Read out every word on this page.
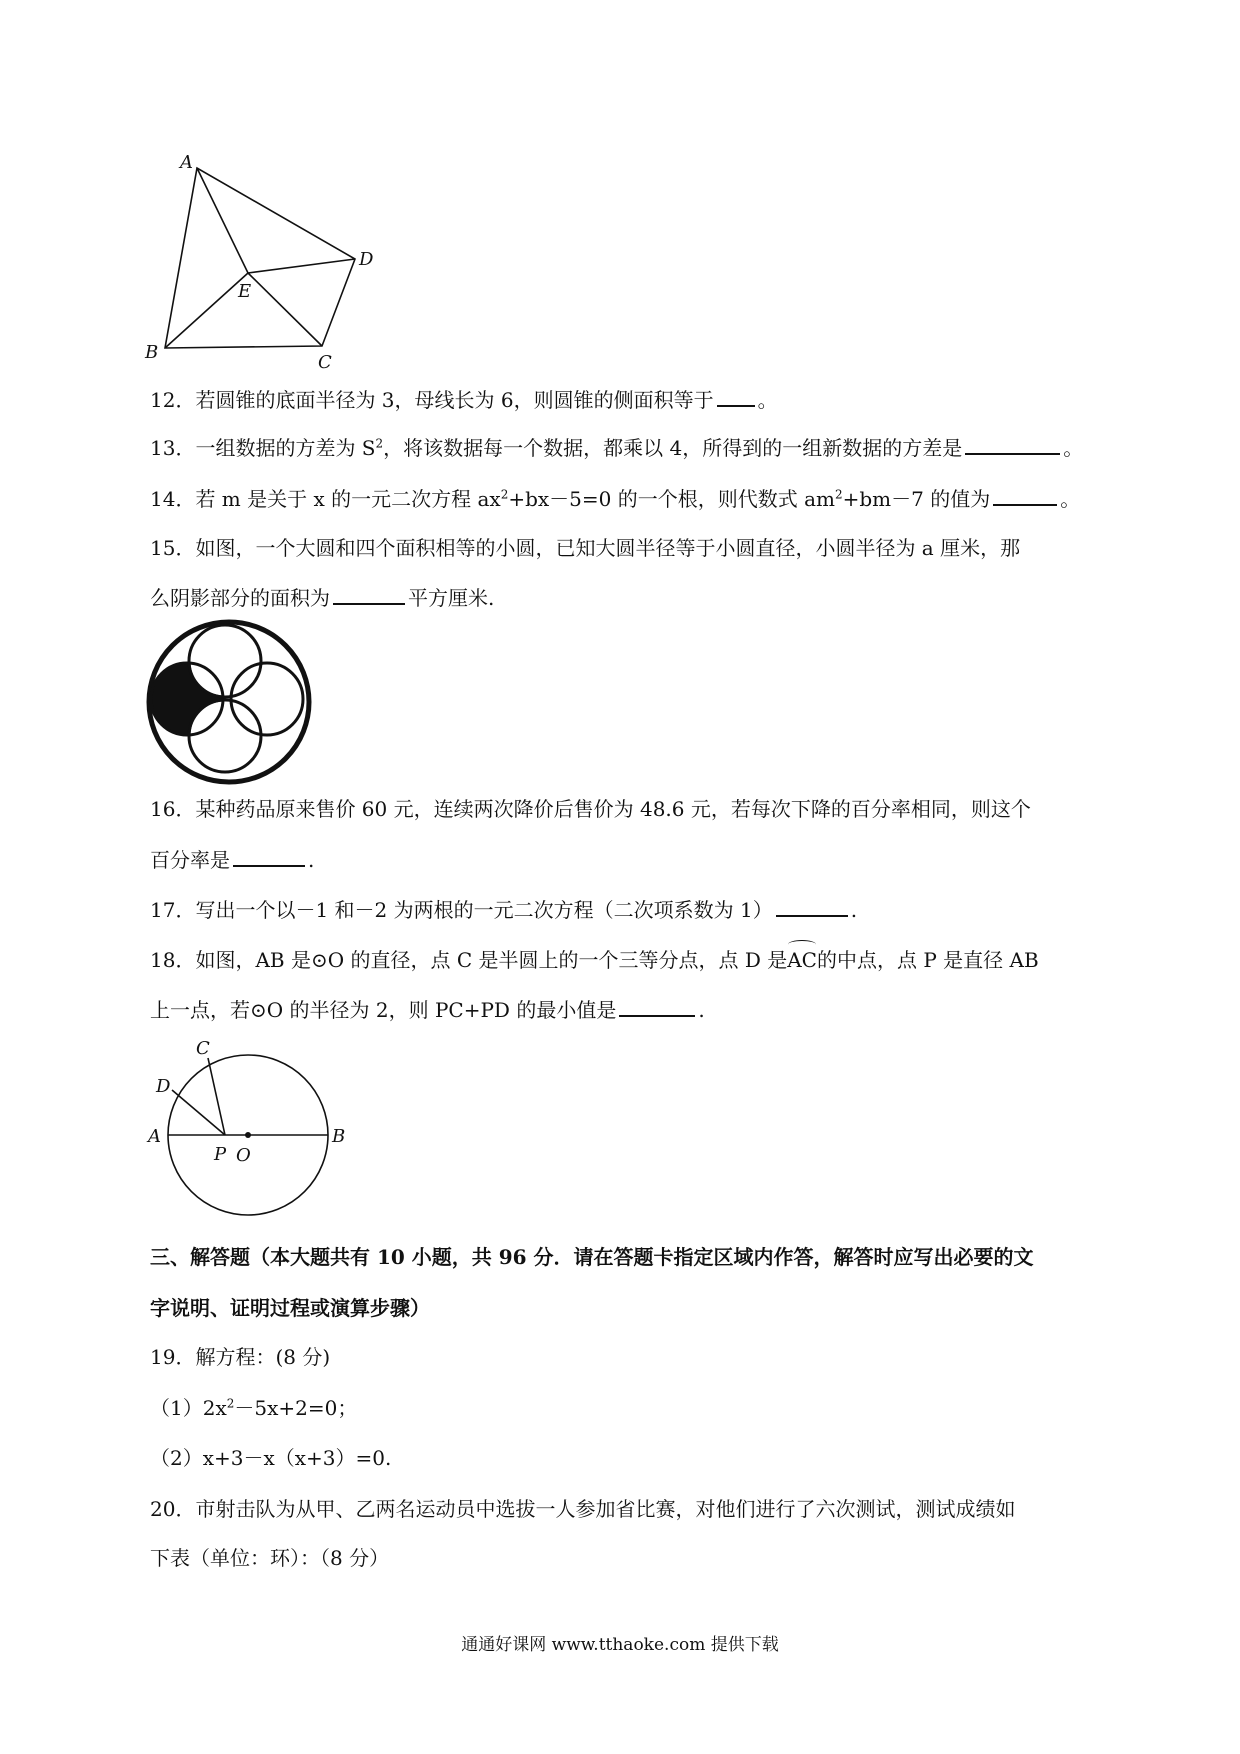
A
B	C
D
E
12．若圆锥的底面半径为 3，母线长为 6，则圆锥的侧面积等于 。
13．一组数据的方差为 $S^2$，将该数据每一个数据，都乘以 4，所得到的一组新数据的方差是	。
14．若 m 是关于 x 的一元二次方程 $ax^2+bx-5=0$ 的一个根，则代数式 $am^2+bm-7$ 的值为	。
15．如图，一个大圆和四个面积相等的小圆，已知大圆半径等于小圆直径，小圆半径为 a 厘米，那
么阴影部分的面积为	平方厘米.
16．某种药品原来售价 60 元，连续两次降价后售价为 48.6 元，若每次下降的百分率相同，则这个
百分率是	.
17．写出一个以－1 和－2 为两根的一元二次方程（二次项系数为 1）	.
18．如图，AB 是⊙O 的直径，点 C 是半圆上的一个三等分点，点 D 是AC的中点，点 P 是直径 AB
上一点，若⊙O 的半径为 2，则 PC+PD 的最小值是	.
C
D
A	B
P O
三、解答题（本大题共有 10 小题，共 96 分．请在答题卡指定区域内作答，解答时应写出必要的文
字说明、证明过程或演算步骤）
19．解方程：(8 分)
$(1)2x^2-5x+2=0$；
（2）x+3－x（x+3）=0.
20．市射击队为从甲、乙两名运动员中选拔一人参加省比赛，对他们进行了六次测试，测试成绩如
下表（单位：环）：（8 分）
通通好课网 www.tthaoke.com 提供下载
